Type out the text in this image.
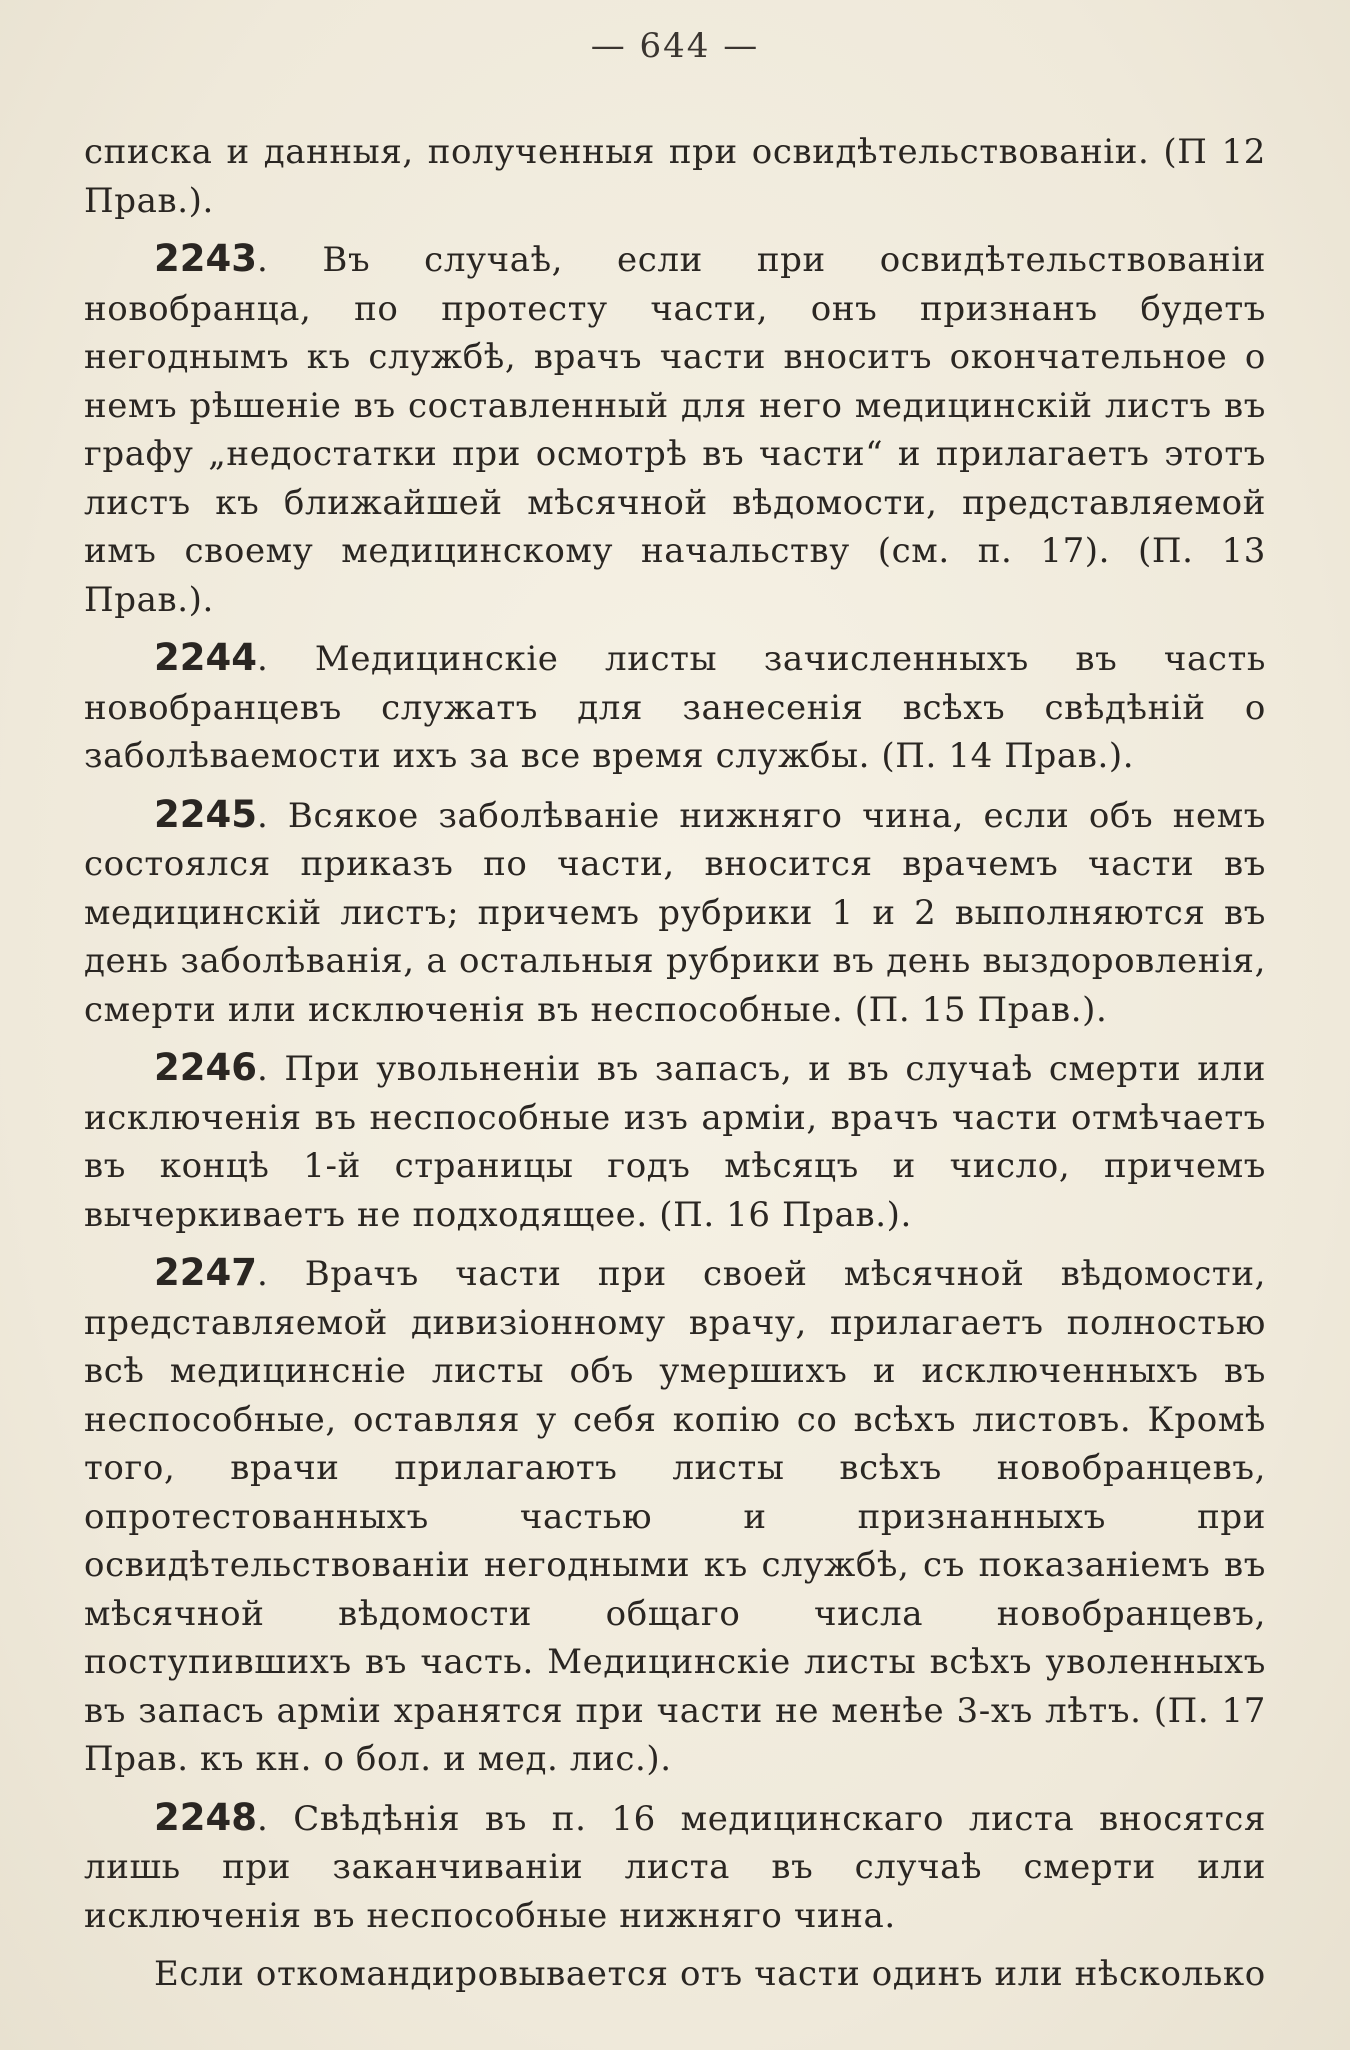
— 644 —

списка и данныя, полученныя при освидѣтельствованіи. (П 12 Прав.).

2243. Въ случаѣ, если при освидѣтельствованіи новобранца, по протесту части, онъ признанъ будетъ негоднымъ къ службѣ, врачъ части вноситъ окончательное о немъ рѣшеніе въ составленный для него медицинскій листъ въ графу „недостатки при осмотрѣ въ части“ и прилагаетъ этотъ листъ къ ближайшей мѣсячной вѣдомости, представляемой имъ своему медицинскому начальству (см. п. 17). (П. 13 Прав.).

2244. Медицинскіе листы зачисленныхъ въ часть новобранцевъ служатъ для занесенія всѣхъ свѣдѣній о заболѣваемости ихъ за все время службы. (П. 14 Прав.).

2245. Всякое заболѣваніе нижняго чина, если объ немъ состоялся приказъ по части, вносится врачемъ части въ медицинскій листъ; причемъ рубрики 1 и 2 выполняются въ день заболѣванія, а остальныя рубрики въ день выздоровленія, смерти или исключенія въ неспособные. (П. 15 Прав.).

2246. При увольненіи въ запасъ, и въ случаѣ смерти или исключенія въ неспособные изъ арміи, врачъ части отмѣчаетъ въ концѣ 1-й страницы годъ мѣсяцъ и число, причемъ вычеркиваетъ не подходящее. (П. 16 Прав.).

2247. Врачъ части при своей мѣсячной вѣдомости, представляемой дивизіонному врачу, прилагаетъ полностью всѣ медицинсніе листы объ умершихъ и исключенныхъ въ неспособные, оставляя у себя копію со всѣхъ листовъ. Кромѣ того, врачи прилагаютъ листы всѣхъ новобранцевъ, опротестованныхъ частью и признанныхъ при освидѣтельствованіи негодными къ службѣ, съ показаніемъ въ мѣсячной вѣдомости общаго числа новобранцевъ, поступившихъ въ часть. Медицинскіе листы всѣхъ уволенныхъ въ запасъ арміи хранятся при части не менѣе 3-хъ лѣтъ. (П. 17 Прав. къ кн. о бол. и мед. лис.).

2248. Свѣдѣнія въ п. 16 медицинскаго листа вносятся лишь при заканчиваніи листа въ случаѣ смерти или исключенія въ неспособные нижняго чина.

Если откомандировывается отъ части одинъ или нѣсколько
